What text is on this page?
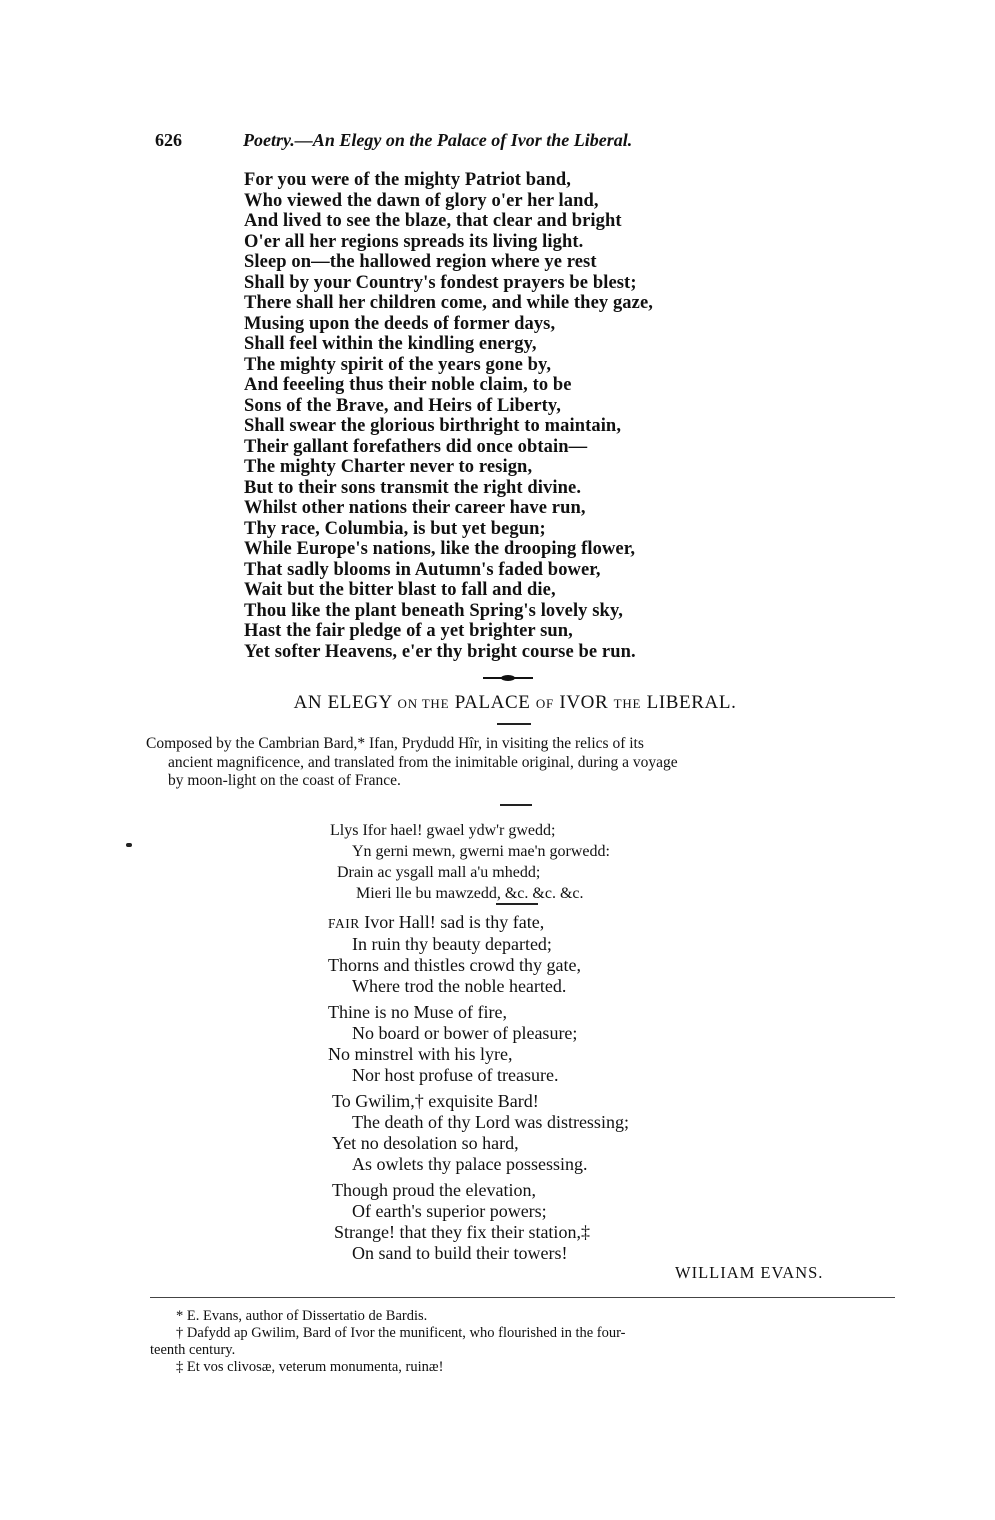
626	Poetry.—An Elegy on the Palace of Ivor the Liberal.
For you were of the mighty Patriot band,
Who viewed the dawn of glory o'er her land,
And lived to see the blaze, that clear and bright
O'er all her regions spreads its living light.
Sleep on—the hallowed region where ye rest
Shall by your Country's fondest prayers be blest;
There shall her children come, and while they gaze,
Musing upon the deeds of former days,
Shall feel within the kindling energy,
The mighty spirit of the years gone by,
And feeeling thus their noble claim, to be
Sons of the Brave, and Heirs of Liberty,
Shall swear the glorious birthright to maintain,
Their gallant forefathers did once obtain—
The mighty Charter never to resign,
But to their sons transmit the right divine.
Whilst other nations their career have run,
Thy race, Columbia, is but yet begun;
While Europe's nations, like the drooping flower,
That sadly blooms in Autumn's faded bower,
Wait but the bitter blast to fall and die,
Thou like the plant beneath Spring's lovely sky,
Hast the fair pledge of a yet brighter sun,
Yet softer Heavens, e'er thy bright course be run.
AN ELEGY ON THE PALACE OF IVOR THE LIBERAL.
Composed by the Cambrian Bard,* Ifan, Prydudd Hîr, in visiting the relics of its
ancient magnificence, and translated from the inimitable original, during a voyage
by moon-light on the coast of France.
Llys Ifor hael! gwael ydw'r gwedd;
Yn gerni mewn, gwerni mae'n gorwedd:
Drain ac ysgall mall a'u mhedd;
Mieri lle bu mawzedd, &c. &c. &c.
FAIR Ivor Hall! sad is thy fate,
In ruin thy beauty departed;
Thorns and thistles crowd thy gate,
Where trod the noble hearted.
Thine is no Muse of fire,
No board or bower of pleasure;
No minstrel with his lyre,
Nor host profuse of treasure.
To Gwilim,† exquisite Bard!
The death of thy Lord was distressing;
Yet no desolation so hard,
As owlets thy palace possessing.
Though proud the elevation,
Of earth's superior powers;
Strange! that they fix their station,‡
On sand to build their towers!
WILLIAM EVANS.
* E. Evans, author of Dissertatio de Bardis.
† Dafydd ap Gwilim, Bard of Ivor the munificent, who flourished in the four-
teenth century.
‡ Et vos clivosæ, veterum monumenta, ruinæ!
